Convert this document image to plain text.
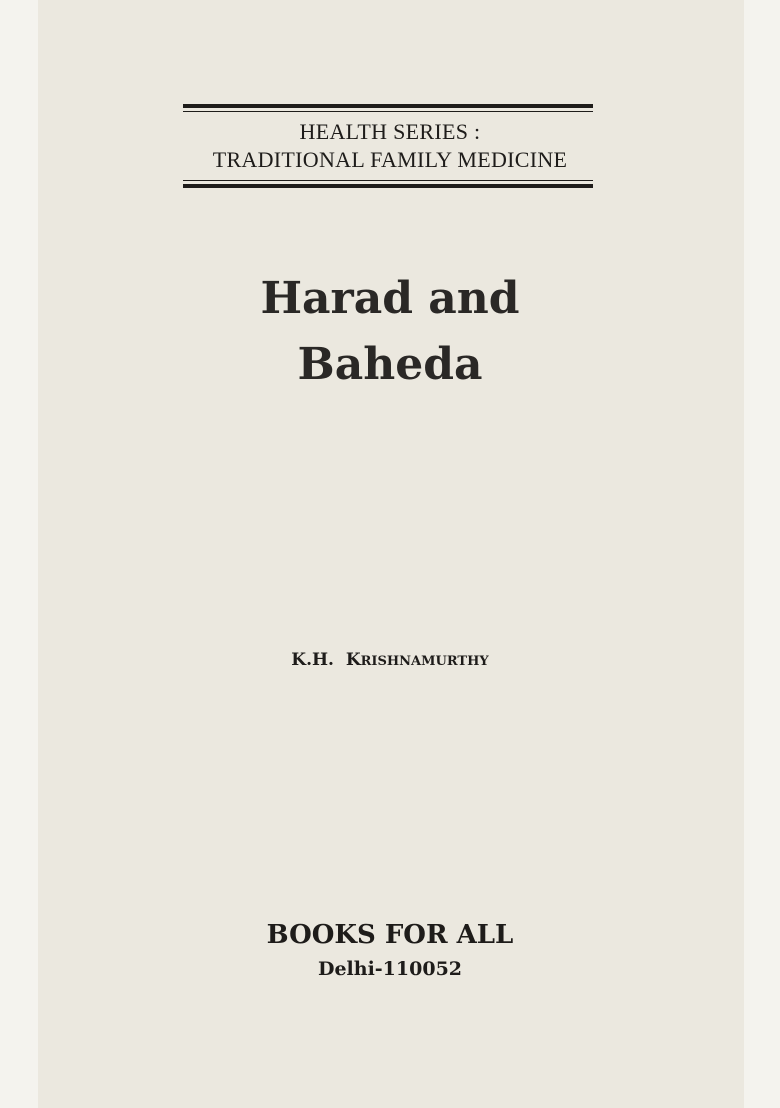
HEALTH SERIES :
TRADITIONAL FAMILY MEDICINE
Harad and
Baheda
K.H. KRISHNAMURTHY
BOOKS FOR ALL
Delhi-110052
